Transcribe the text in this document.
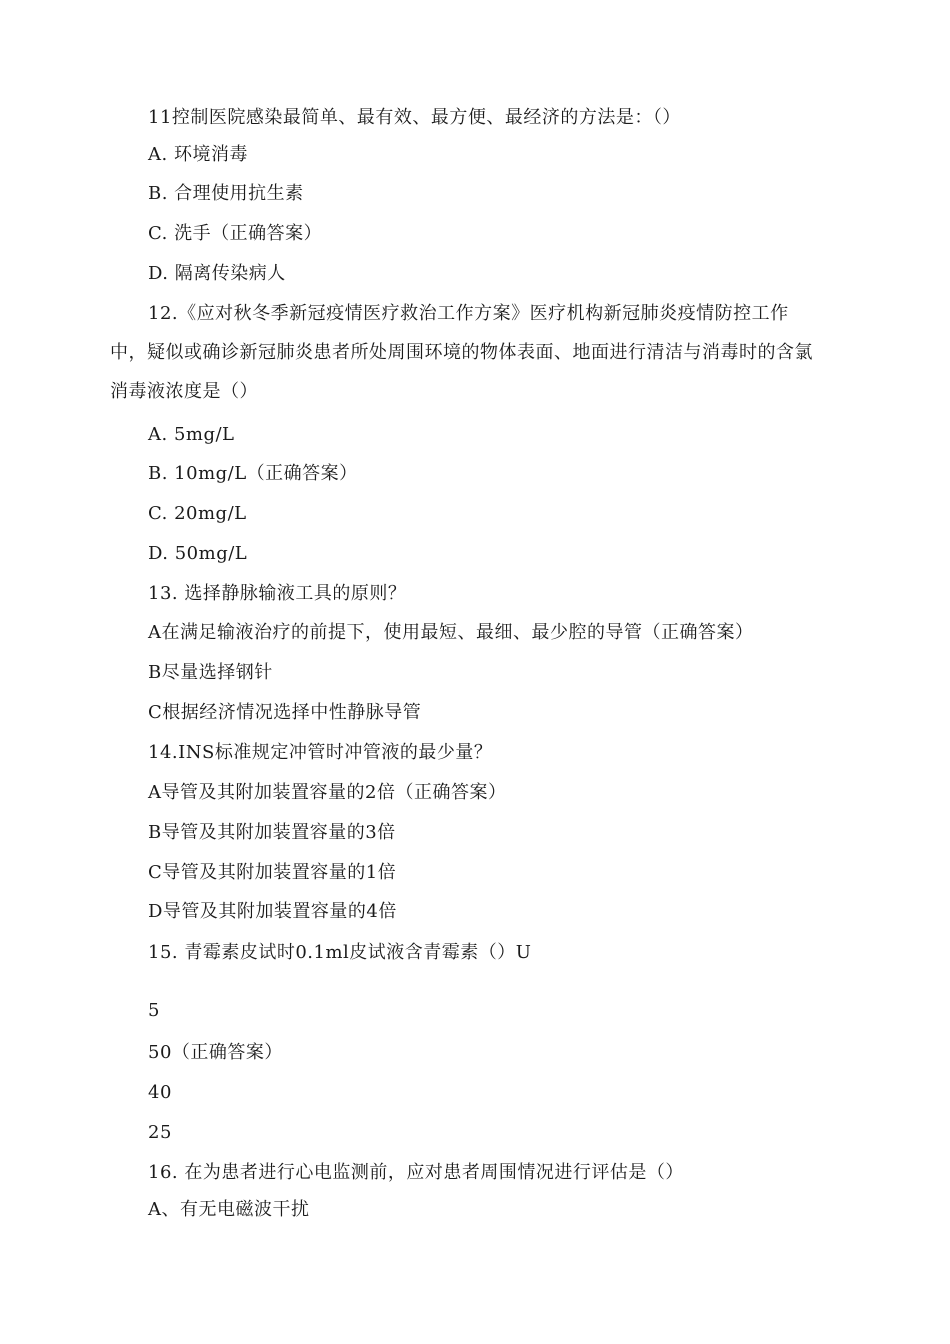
11控制医院感染最简单、最有效、最方便、最经济的方法是：（）
A. 环境消毒
B. 合理使用抗生素
C. 洗手（正确答案）
D. 隔离传染病人
12.《应对秋冬季新冠疫情医疗救治工作方案》医疗机构新冠肺炎疫情防控工作
中，疑似或确诊新冠肺炎患者所处周围环境的物体表面、地面进行清洁与消毒时的含氯
消毒液浓度是（）
A. 5mg/L
B. 10mg/L（正确答案）
C. 20mg/L
D. 50mg/L
13. 选择静脉输液工具的原则？
A在满足输液治疗的前提下，使用最短、最细、最少腔的导管（正确答案）
B尽量选择钢针
C根据经济情况选择中性静脉导管
14.INS标准规定冲管时冲管液的最少量？
A导管及其附加装置容量的2倍（正确答案）
B导管及其附加装置容量的3倍
C导管及其附加装置容量的1倍
D导管及其附加装置容量的4倍
15. 青霉素皮试时0.1ml皮试液含青霉素（）U
5
50（正确答案）
40
25
16. 在为患者进行心电监测前，应对患者周围情况进行评估是（）
A、有无电磁波干扰
